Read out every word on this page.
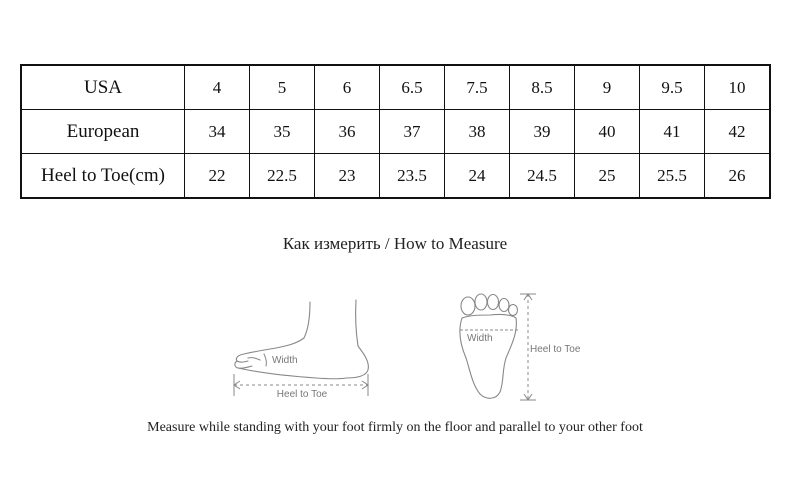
USA	4	5	6	6.5	7.5	8.5	9	9.5	10
European	34	35	36	37	38	39	40	41	42
Heel to Toe(cm)	22	22.5	23	23.5	24	24.5	25	25.5	26
Как измерить / How to Measure
Width
Heel to Toe
Width
Heel to Toe
Measure while standing with your foot firmly on the floor and parallel to your other foot
